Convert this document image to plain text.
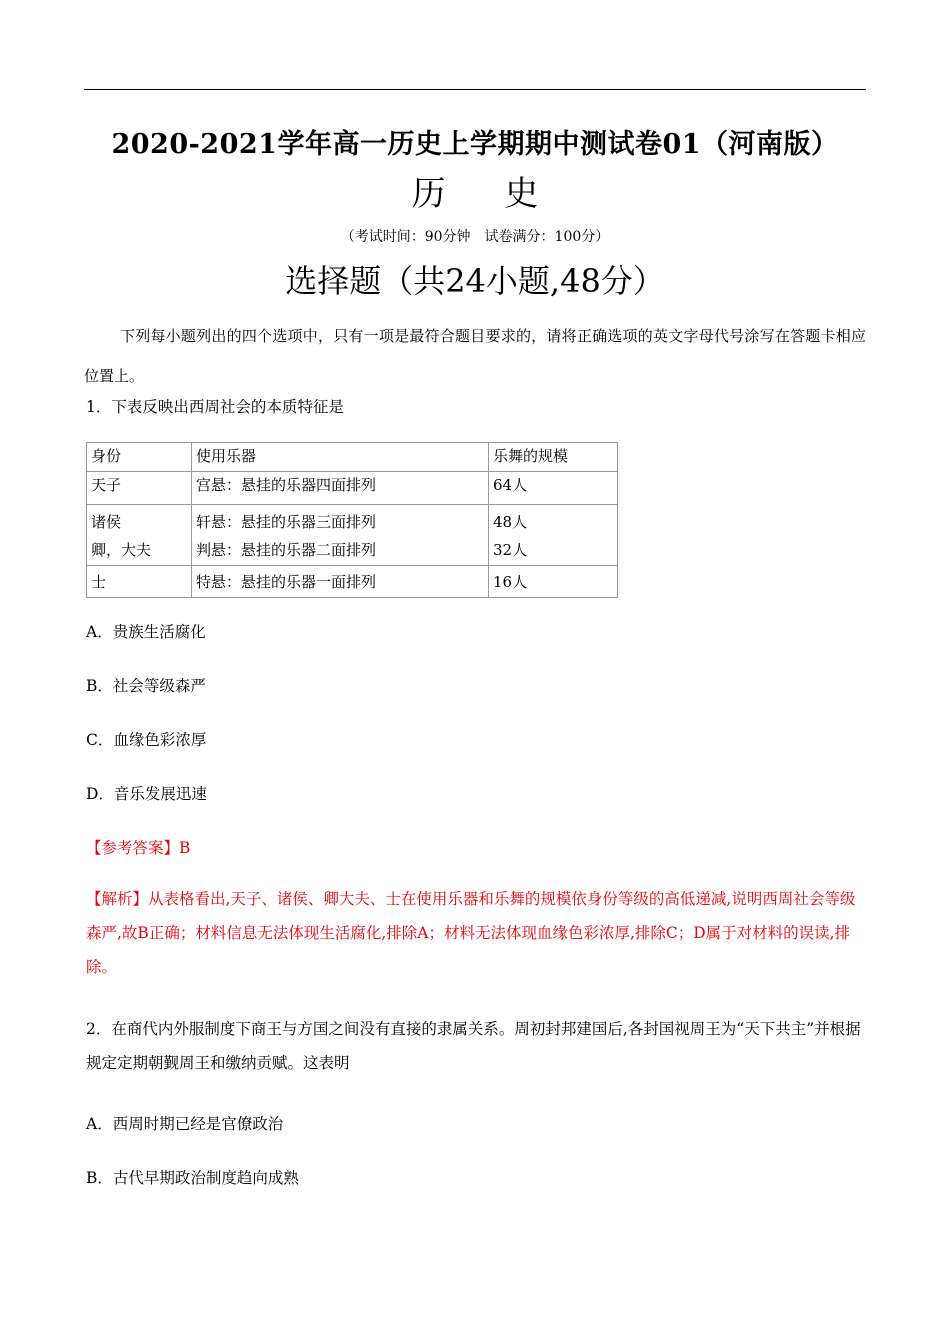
2020-2021学年高一历史上学期期中测试卷01（河南版）
历 史
（考试时间：90分钟　试卷满分：100分）
选择题（共24小题,48分）
下列每小题列出的四个选项中，只有一项是最符合题目要求的，请将正确选项的英文字母代号涂写在答题卡相应位置上。
1．下表反映出西周社会的本质特征是
身份	使用乐器	乐舞的规模
天子	宫悬：悬挂的乐器四面排列	64人
诸侯	轩悬：悬挂的乐器三面排列	48人
卿，大夫	判悬：悬挂的乐器二面排列	32人
士	特悬：悬挂的乐器一面排列	16人
A．贵族生活腐化
B．社会等级森严
C．血缘色彩浓厚
D．音乐发展迅速
【参考答案】B
【解析】从表格看出,天子、诸侯、卿大夫、士在使用乐器和乐舞的规模依身份等级的高低递减,说明西周社会等级森严,故B正确；材料信息无法体现生活腐化,排除A；材料无法体现血缘色彩浓厚,排除C；D属于对材料的误读,排除。
2．在商代内外服制度下商王与方国之间没有直接的隶属关系。周初封邦建国后,各封国视周王为“天下共主”并根据规定定期朝觐周王和缴纳贡赋。这表明
A．西周时期已经是官僚政治
B．古代早期政治制度趋向成熟
